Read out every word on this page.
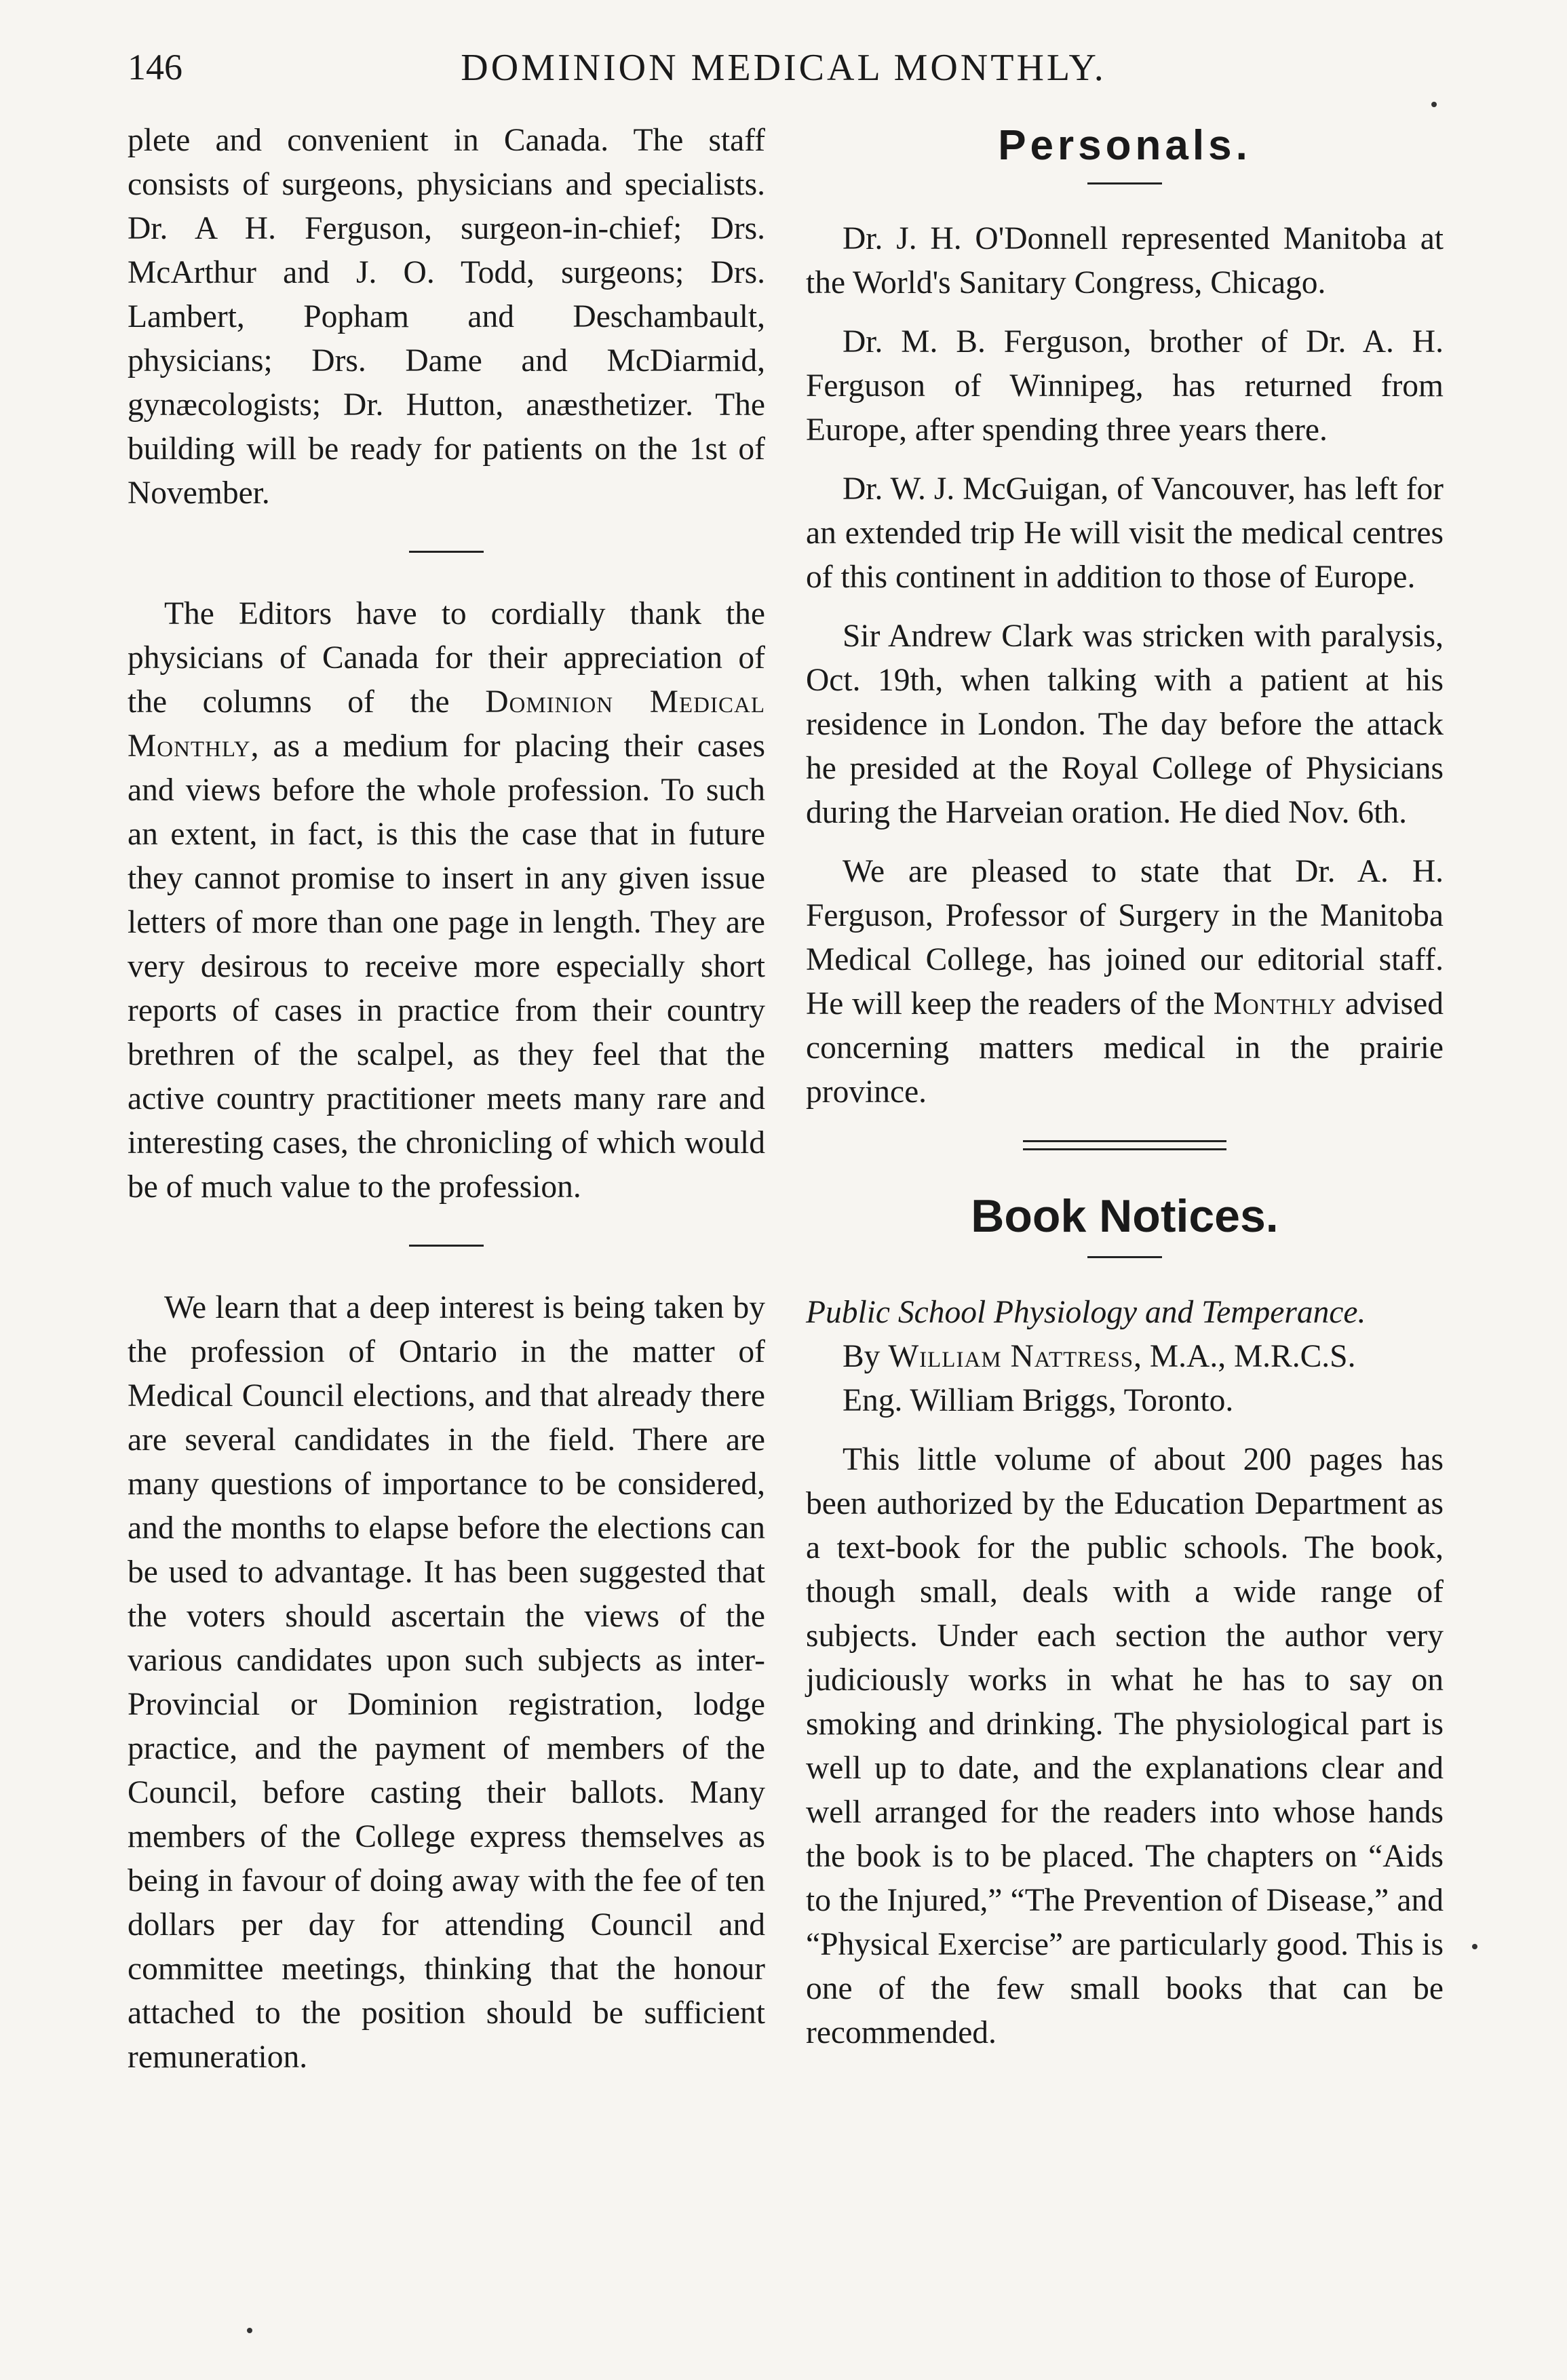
146	DOMINION MEDICAL MONTHLY.

plete and convenient in Canada. The staff consists of surgeons, physicians and specialists. Dr. A H. Ferguson, surgeon-in-chief; Drs. McArthur and J. O. Todd, surgeons; Drs. Lambert, Popham and Deschambault, physicians; Drs. Dame and McDiarmid, gynæcologists; Dr. Hutton, anæsthetizer. The building will be ready for patients on the 1st of November.

The Editors have to cordially thank the physicians of Canada for their appreciation of the columns of the Dominion Medical Monthly, as a medium for placing their cases and views before the whole profession. To such an extent, in fact, is this the case that in future they cannot promise to insert in any given issue letters of more than one page in length. They are very desirous to receive more especially short reports of cases in practice from their country brethren of the scalpel, as they feel that the active country practitioner meets many rare and interesting cases, the chronicling of which would be of much value to the profession.

We learn that a deep interest is being taken by the profession of Ontario in the matter of Medical Council elections, and that already there are several candidates in the field. There are many questions of importance to be considered, and the months to elapse before the elections can be used to advantage. It has been suggested that the voters should ascertain the views of the various candidates upon such subjects as inter-Provincial or Dominion registration, lodge practice, and the payment of members of the Council, before casting their ballots. Many members of the College express themselves as being in favour of doing away with the fee of ten dollars per day for attending Council and committee meetings, thinking that the honour attached to the position should be sufficient remuneration.

Personals.

Dr. J. H. O'Donnell represented Manitoba at the World's Sanitary Congress, Chicago.

Dr. M. B. Ferguson, brother of Dr. A. H. Ferguson of Winnipeg, has returned from Europe, after spending three years there.

Dr. W. J. McGuigan, of Vancouver, has left for an extended trip He will visit the medical centres of this continent in addition to those of Europe.

Sir Andrew Clark was stricken with paralysis, Oct. 19th, when talking with a patient at his residence in London. The day before the attack he presided at the Royal College of Physicians during the Harveian oration. He died Nov. 6th.

We are pleased to state that Dr. A. H. Ferguson, Professor of Surgery in the Manitoba Medical College, has joined our editorial staff. He will keep the readers of the Monthly advised concerning matters medical in the prairie province.

Book Notices.

Public School Physiology and Temperance.

By William Nattress, M.A., M.R.C.S.

Eng. William Briggs, Toronto.

This little volume of about 200 pages has been authorized by the Education Department as a text-book for the public schools. The book, though small, deals with a wide range of subjects. Under each section the author very judiciously works in what he has to say on smoking and drinking. The physiological part is well up to date, and the explanations clear and well arranged for the readers into whose hands the book is to be placed. The chapters on “Aids to the Injured,” “The Prevention of Disease,” and “Physical Exercise” are particularly good. This is one of the few small books that can be recommended.
